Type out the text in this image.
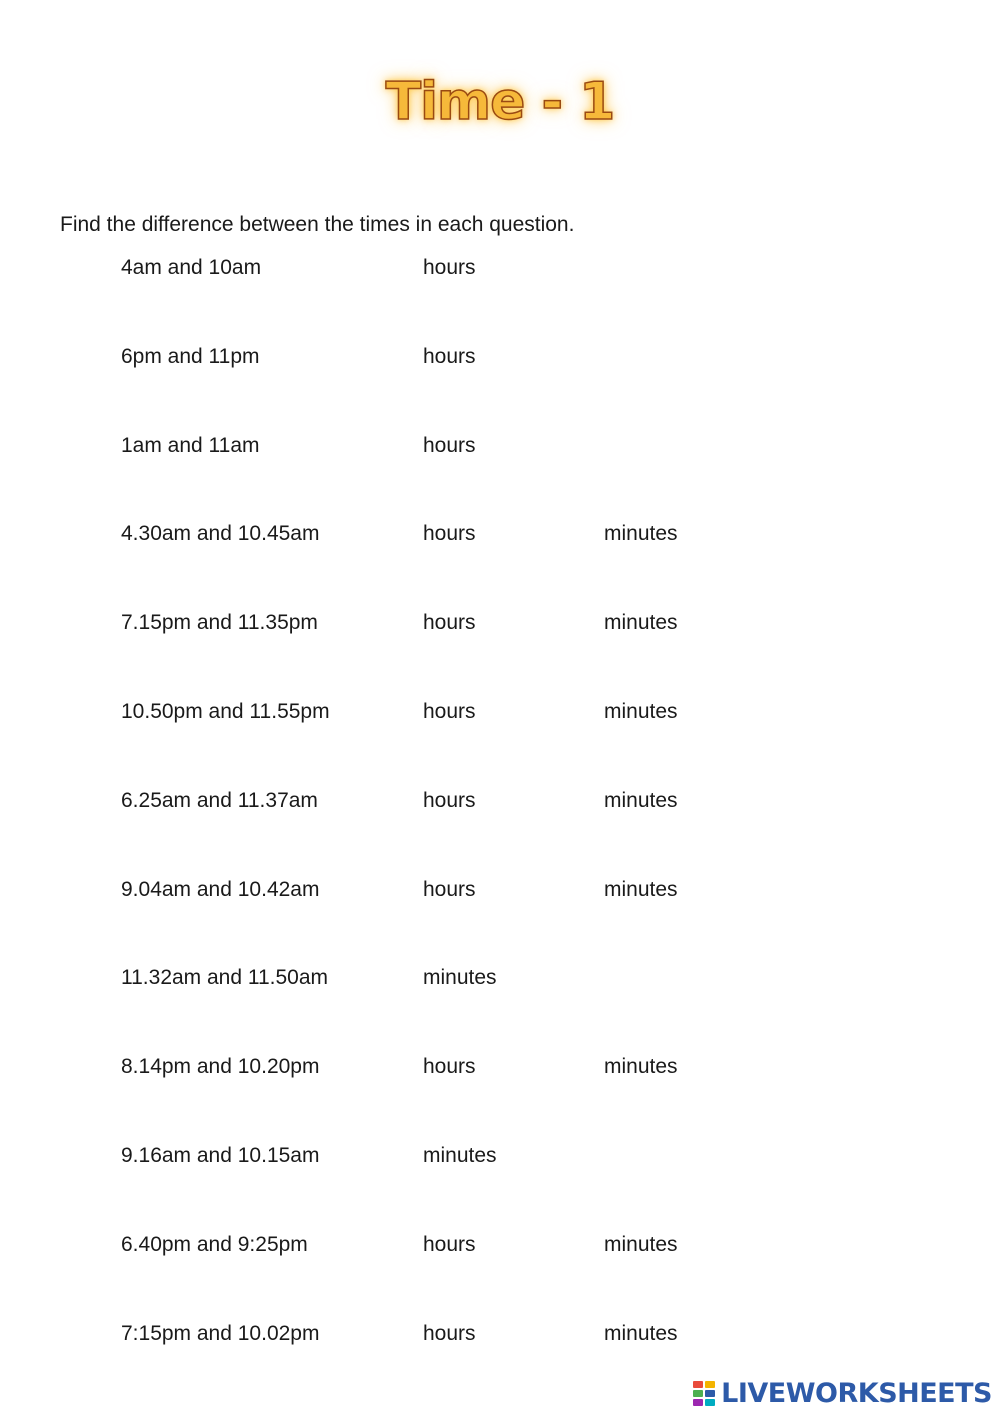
Time - 1
Find the difference between the times in each question.
4am and 10am	hours
6pm and 11pm	hours
1am and 11am	hours
4.30am and 10.45am	hours	minutes
7.15pm and 11.35pm	hours	minutes
10.50pm and 11.55pm	hours	minutes
6.25am and 11.37am	hours	minutes
9.04am and 10.42am	hours	minutes
11.32am and 11.50am	minutes
8.14pm and 10.20pm	hours	minutes
9.16am and 10.15am	minutes
6.40pm and 9:25pm	hours	minutes
7:15pm and 10.02pm	hours	minutes
LIVEWORKSHEETS
